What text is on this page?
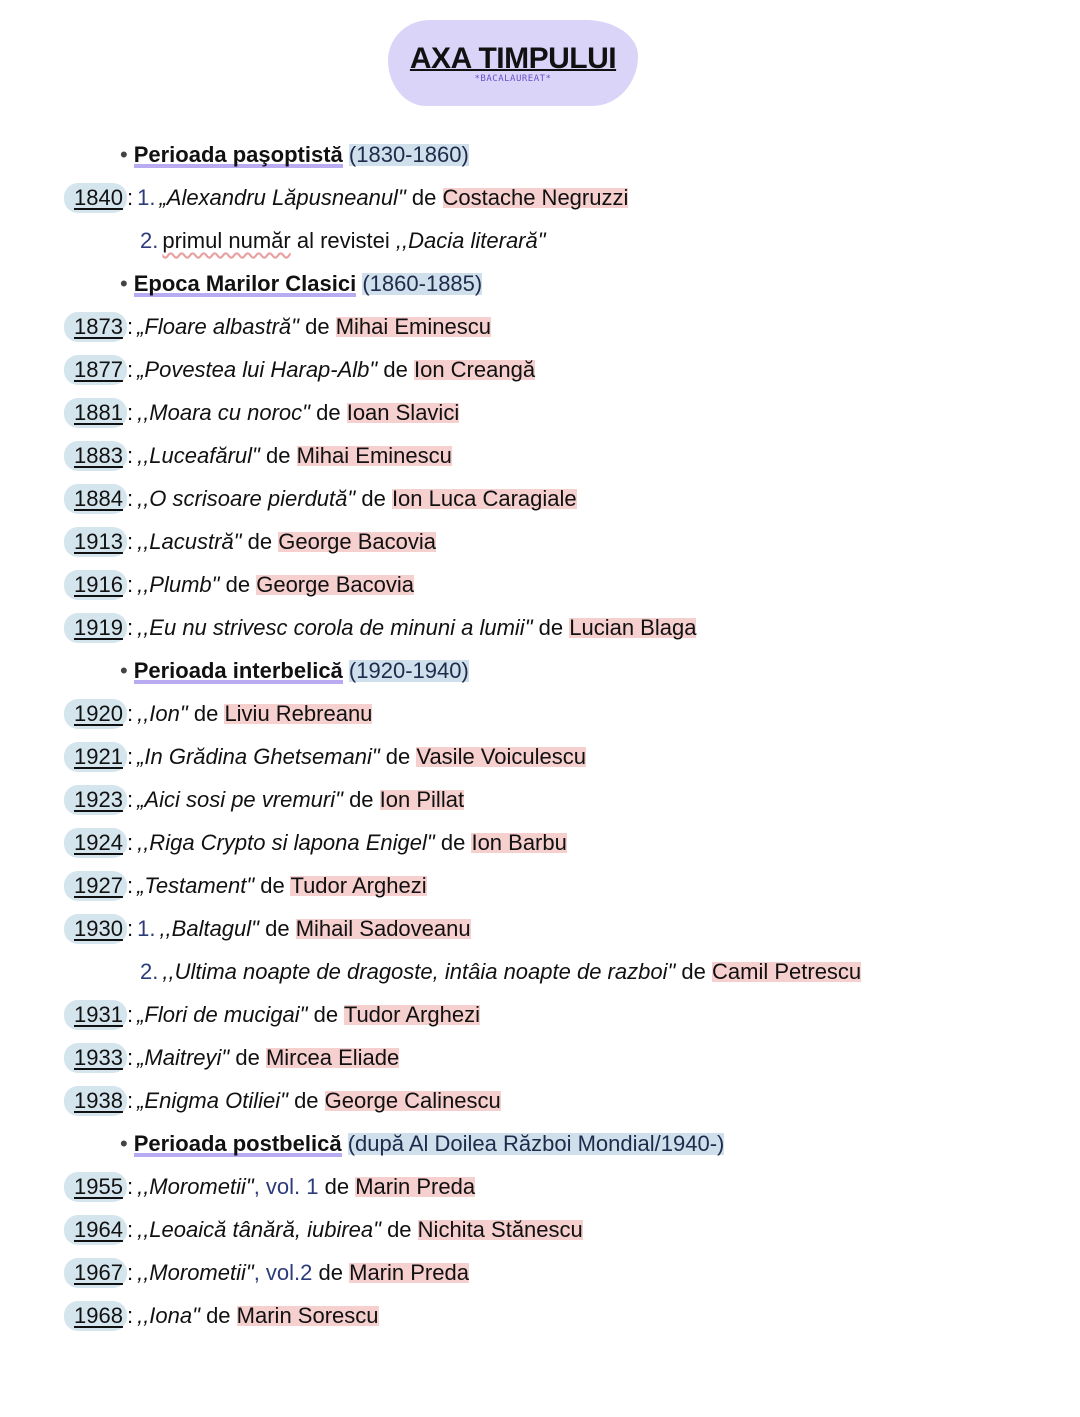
AXA TIMPULUI
*BACALAUREAT*
• Perioada paşoptistă (1830-1860)
1840 : 1. „Alexandru Lăpusneanul" de Costache Negruzzi
2. primul număr al revistei ,,Dacia literară"
• Epoca Marilor Clasici (1860-1885)
1873 : „Floare albastră" de Mihai Eminescu
1877 : „Povestea lui Harap-Alb" de Ion Creangă
1881 : ,,Moara cu noroc" de Ioan Slavici
1883 : ,,Luceafărul" de Mihai Eminescu
1884 : ,,O scrisoare pierdută" de Ion Luca Caragiale
1913 : ,,Lacustră" de George Bacovia
1916 : ,,Plumb" de George Bacovia
1919 : ,,Eu nu strivesc corola de minuni a lumii" de Lucian Blaga
• Perioada interbelică (1920-1940)
1920 : ,,Ion" de Liviu Rebreanu
1921 : „In Grădina Ghetsemani" de Vasile Voiculescu
1923 : „Aici sosi pe vremuri" de Ion Pillat
1924 : ,,Riga Crypto si lapona Enigel" de Ion Barbu
1927 : „Testament" de Tudor Arghezi
1930 : 1. ,,Baltagul" de Mihail Sadoveanu
2. ,,Ultima noapte de dragoste, intâia noapte de razboi" de Camil Petrescu
1931 : „Flori de mucigai" de Tudor Arghezi
1933 : „Maitreyi" de Mircea Eliade
1938 : „Enigma Otiliei" de George Calinescu
• Perioada postbelică (după Al Doilea Război Mondial/1940-)
1955 : ,,Morometii", vol. 1 de Marin Preda
1964 : ,,Leoaică tânără, iubirea" de Nichita Stănescu
1967 : ,,Morometii", vol.2 de Marin Preda
1968 : ,,Iona" de Marin Sorescu
